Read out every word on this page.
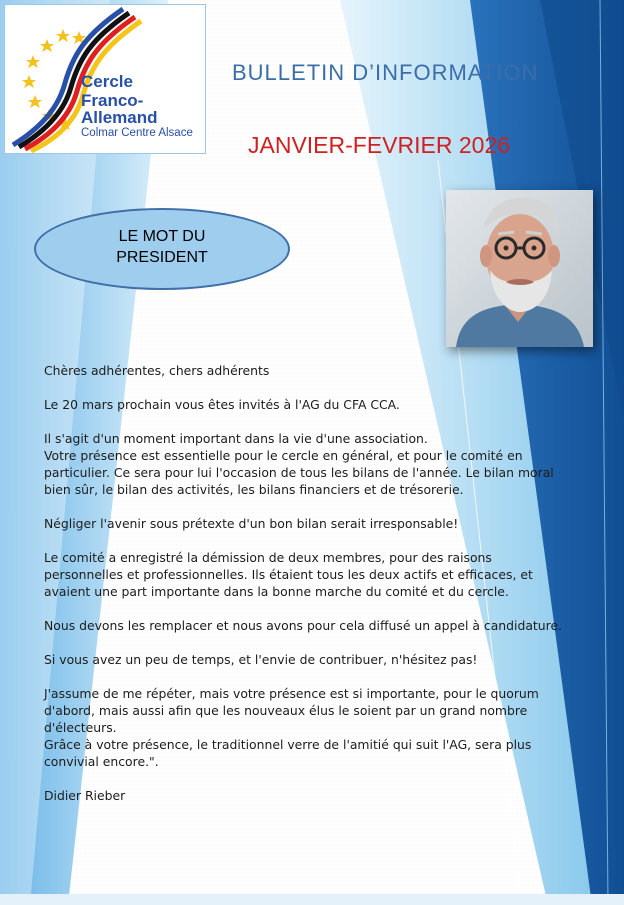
Cercle
Franco-Allemand
Colmar Centre Alsace
BULLETIN D’INFORMATION
JANVIER-FEVRIER 2026
LE MOT DU
PRESIDENT

Chères adhérentes, chers adhérents

Le 20 mars prochain vous êtes invités à l'AG du CFA CCA.

Il s'agit d'un moment important dans la vie d'une association.
Votre présence est essentielle pour le cercle en général, et pour le comité en particulier. Ce sera pour lui l'occasion de tous les bilans de l'année. Le bilan moral bien sûr, le bilan des activités, les bilans financiers et de trésorerie.

Négliger l'avenir sous prétexte d'un bon bilan serait irresponsable!

Le comité a enregistré la démission de deux membres, pour des raisons personnelles et professionnelles. Ils étaient tous les deux actifs et efficaces, et avaient une part importante dans la bonne marche du comité et du cercle.

Nous devons les remplacer et nous avons pour cela diffusé un appel à candidature.

Si vous avez un peu de temps, et l'envie de contribuer, n'hésitez pas!

J'assume de me répéter, mais votre présence est si importante, pour le quorum d'abord, mais aussi afin que les nouveaux élus le soient par un grand nombre d'électeurs.
Grâce à votre présence, le traditionnel verre de l'amitié qui suit l'AG, sera plus convivial encore.".

Didier Rieber
